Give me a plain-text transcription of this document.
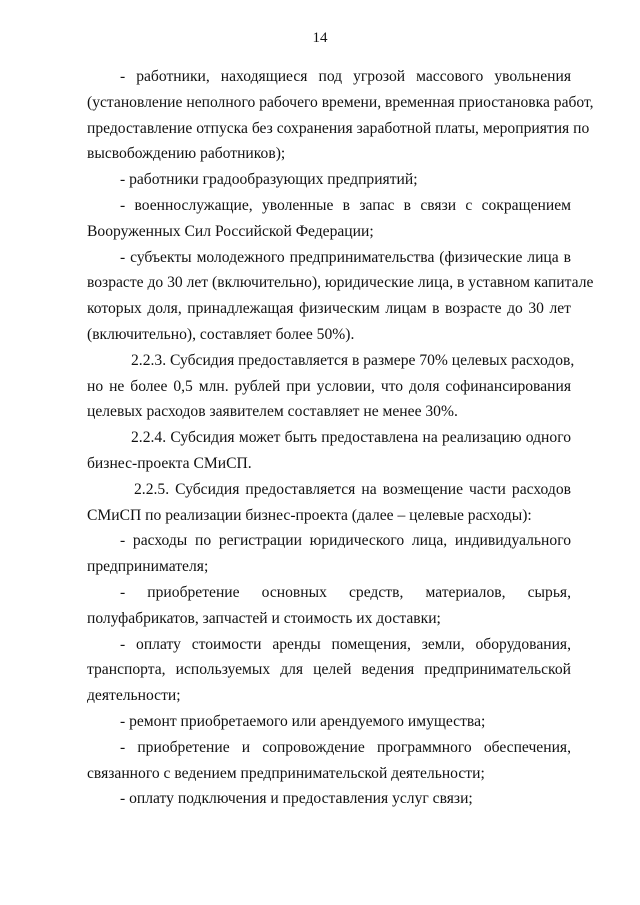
14
- работники, находящиеся под угрозой массового увольнения
(установление неполного рабочего времени, временная приостановка работ,
предоставление отпуска без сохранения заработной платы, мероприятия по
высвобождению работников);
- работники градообразующих предприятий;
- военнослужащие, уволенные в запас в связи с сокращением
Вооруженных Сил Российской Федерации;
- субъекты молодежного предпринимательства (физические лица в
возрасте до 30 лет (включительно), юридические лица, в уставном капитале
которых доля, принадлежащая физическим лицам в возрасте до 30 лет
(включительно), составляет более 50%).
2.2.3. Субсидия предоставляется в размере 70% целевых расходов,
но не более 0,5 млн. рублей при условии, что доля софинансирования
целевых расходов заявителем составляет не менее 30%.
2.2.4. Субсидия может быть предоставлена на реализацию одного
бизнес-проекта СМиСП.
2.2.5. Субсидия предоставляется на возмещение части расходов
СМиСП по реализации бизнес-проекта (далее – целевые расходы):
- расходы по регистрации юридического лица, индивидуального
предпринимателя;
- приобретение основных средств, материалов, сырья,
полуфабрикатов, запчастей и стоимость их доставки;
- оплату стоимости аренды помещения, земли, оборудования,
транспорта, используемых для целей ведения предпринимательской
деятельности;
- ремонт приобретаемого или арендуемого имущества;
- приобретение и сопровождение программного обеспечения,
связанного с ведением предпринимательской деятельности;
- оплату подключения и предоставления услуг связи;
